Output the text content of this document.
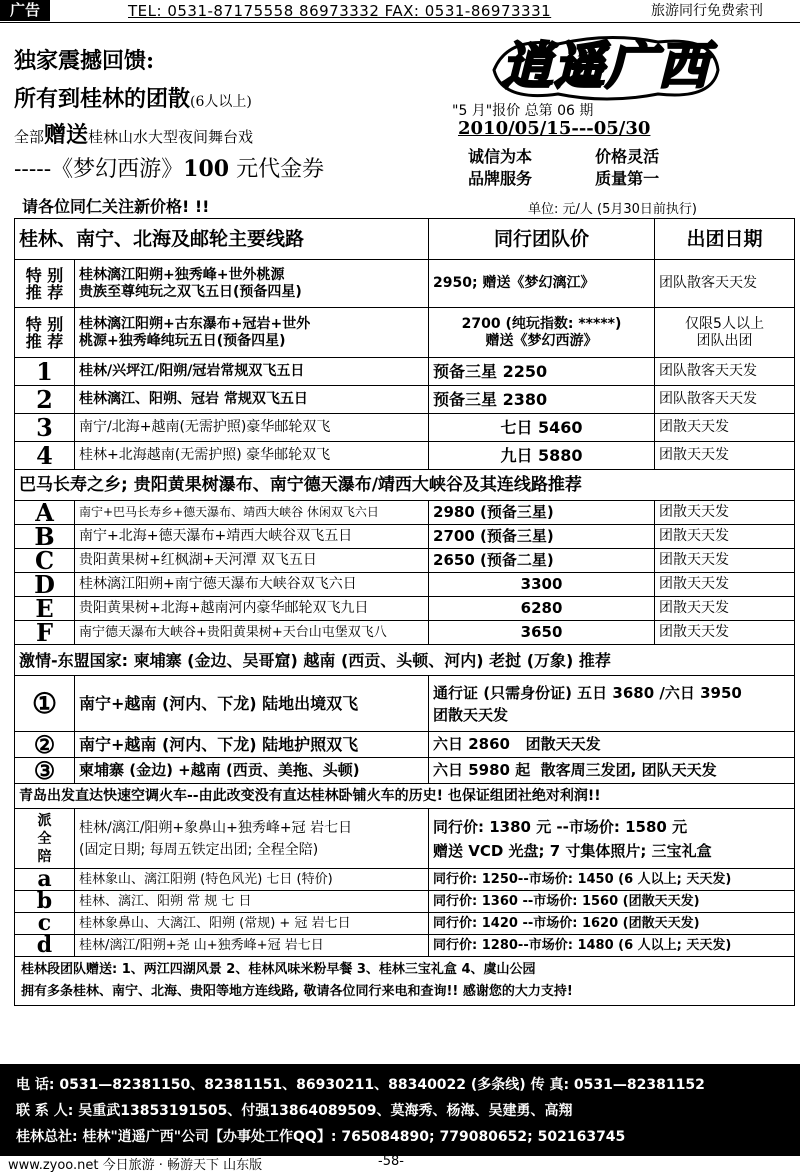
广告	TEL: 0531-87175558 86973332 FAX: 0531-86973331	旅游同行免费索刊
独家震撼回馈:
所有到桂林的团散(6人以上)
全部赠送桂林山水大型夜间舞台戏
-----《梦幻西游》100 元代金券
请各位同仁关注新价格! !!
逍遥广西
"5 月"报价 总第 06 期
2010/05/15---05/30
诚信为本  价格灵活
品牌服务  质量第一
单位: 元/人 (5月30日前执行)
桂林、南宁、北海及邮轮主要线路		同行团队价	出团日期
特 别
推 荐	桂林漓江阳朔+独秀峰+世外桃源
贵族至尊纯玩之双飞五日(预备四星)	2950; 赠送《梦幻漓江》	团队散客天天发
特 别
推 荐	桂林漓江阳朔+古东瀑布+冠岩+世外
桃源+独秀峰纯玩五日(预备四星)	2700 (纯玩指数: *****)
赠送《梦幻西游》	仅限5人以上
团队出团
1	桂林/兴坪江/阳朔/冠岩常规双飞五日	预备三星 2250	团队散客天天发
2	桂林漓江、阳朔、冠岩 常规双飞五日	预备三星 2380	团队散客天天发
3	南宁/北海+越南(无需护照)豪华邮轮双飞	七日 5460	团散天天发
4	桂林+北海越南(无需护照) 豪华邮轮双飞	九日 5880	团散天天发
巴马长寿之乡; 贵阳黄果树瀑布、南宁德天瀑布/靖西大峡谷及其连线路推荐			
A	南宁+巴马长寿乡+德天瀑布、靖西大峡谷 休闲双飞六日	2980 (预备三星)	团散天天发
B	南宁+北海+德天瀑布+靖西大峡谷双飞五日	2700 (预备三星)	团散天天发
C	贵阳黄果树+红枫湖+天河潭 双飞五日	2650 (预备二星)	团散天天发
D	桂林漓江阳朔+南宁德天瀑布大峡谷双飞六日	3300	团散天天发
E	贵阳黄果树+北海+越南河内豪华邮轮双飞九日	6280	团散天天发
F	南宁德天瀑布大峡谷+贵阳黄果树+天台山屯堡双飞八	3650	团散天天发
激情-东盟国家: 柬埔寨 (金边、吴哥窟) 越南 (西贡、头顿、河内) 老挝 (万象) 推荐			
①	南宁+越南 (河内、下龙) 陆地出境双飞	通行证 (只需身份证) 五日 3680 /六日 3950
团散天天发	
②	南宁+越南 (河内、下龙) 陆地护照双飞	六日 2860   团散天天发	
③	柬埔寨 (金边) +越南 (西贡、美拖、头顿)	六日 5980 起  散客周三发团, 团队天天发	
青岛出发直达快速空调火车--由此改变没有直达桂林卧铺火车的历史! 也保证组团社绝对利润!!			
派
全
陪	桂林/漓江/阳朔+象鼻山+独秀峰+冠 岩七日
(固定日期; 每周五铁定出团; 全程全陪)	同行价: 1380 元 --市场价: 1580 元
赠送 VCD 光盘; 7 寸集体照片; 三宝礼盒	
a	桂林象山、漓江阳朔 (特色风光) 七日 (特价)	同行价: 1250--市场价: 1450 (6 人以上; 天天发)	
b	桂林、漓江、阳朔 常 规 七 日	同行价: 1360 --市场价: 1560 (团散天天发)	
c	桂林象鼻山、大漓江、阳朔 (常规) + 冠 岩七日	同行价: 1420 --市场价: 1620 (团散天天发)	
d	桂林/漓江/阳朔+尧 山+独秀峰+冠 岩七日	同行价: 1280--市场价: 1480 (6 人以上; 天天发)	

桂林段团队赠送: 1、两江四湖风景 2、桂林风味米粉早餐 3、桂林三宝礼盒 4、虞山公园
拥有多条桂林、南宁、北海、贵阳等地方连线路, 敬请各位同行来电和查询!! 感谢您的大力支持!			
电 话: 0531—82381150、82381151、86930211、88340022 (多条线) 传 真: 0531—82381152
联 系 人: 吴重武13853191505、付强13864089509、莫海秀、杨海、吴建勇、高翔
桂林总社: 桂林"逍遥广西"公司【办事处工作QQ】: 765084890; 779080652; 502163745
www.zyoo.net 今日旅游 · 畅游天下 山东版	-58-
